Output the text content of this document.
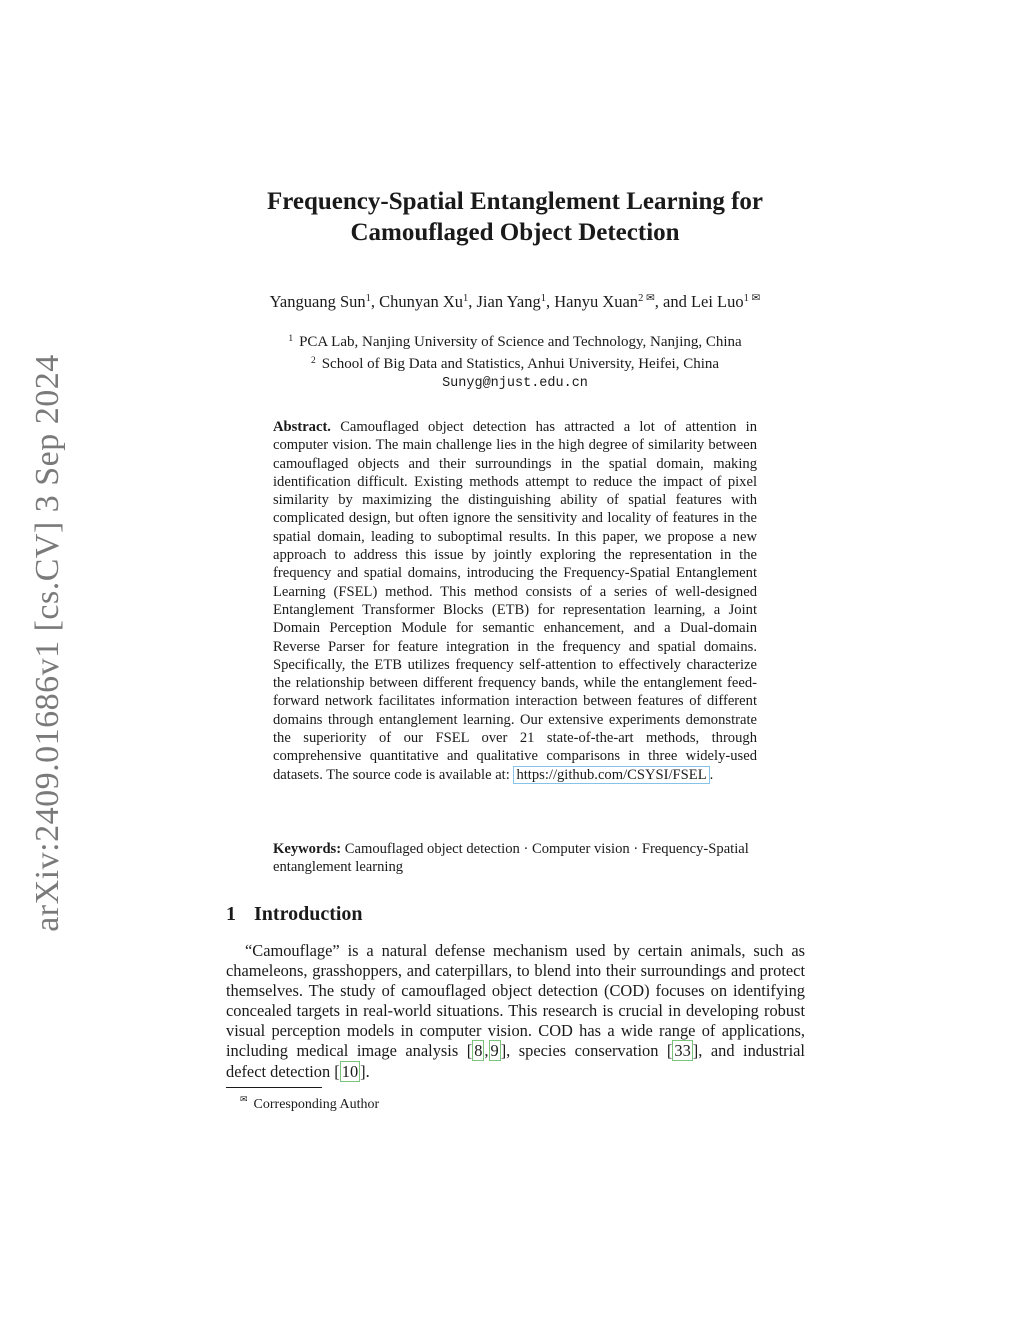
arXiv:2409.01686v1 [cs.CV] 3 Sep 2024
Frequency-Spatial Entanglement Learning for
Camouflaged Object Detection
Yanguang Sun$^1$, Chunyan Xu$^1$, Jian Yang$^1$, Hanyu Xuan$^{2 ✉}$, and Lei Luo$^{1 ✉}$
$^1$ PCA Lab, Nanjing University of Science and Technology, Nanjing, China
$^2$ School of Big Data and Statistics, Anhui University, Heifei, China
Sunyg@njust.edu.cn
Abstract. Camouflaged object detection has attracted a lot of attention in computer vision. The main challenge lies in the high degree of similarity between camouflaged objects and their surroundings in the spatial domain, making identification difficult. Existing methods attempt to reduce the impact of pixel similarity by maximizing the distinguishing ability of spatial features with complicated design, but often ignore the sensitivity and locality of features in the spatial domain, leading to suboptimal results. In this paper, we propose a new approach to address this issue by jointly exploring the representation in the frequency and spatial domains, introducing the Frequency-Spatial Entanglement Learning (FSEL) method. This method consists of a series of well-designed Entanglement Transformer Blocks (ETB) for representation learning, a Joint Domain Perception Module for semantic enhancement, and a Dual-domain Reverse Parser for feature integration in the frequency and spatial domains. Specifically, the ETB utilizes frequency self-attention to effectively characterize the relationship between different frequency bands, while the entanglement feed-forward network facilitates information interaction between features of different domains through entanglement learning. Our extensive experiments demonstrate the superiority of our FSEL over 21 state-of-the-art methods, through comprehensive quantitative and qualitative comparisons in three widely-used datasets. The source code is available at: https://github.com/CSYSI/FSEL .
Keywords: Camouflaged object detection · Computer vision · Frequency-Spatial entanglement learning
1 Introduction
“Camouflage” is a natural defense mechanism used by certain animals, such as chameleons, grasshoppers, and caterpillars, to blend into their surroundings and protect themselves. The study of camouflaged object detection (COD) focuses on identifying concealed targets in real-world situations. This research is crucial in developing robust visual perception models in computer vision. COD has a wide range of applications, including medical image analysis [ 8 , 9 ], species conservation [ 33 ], and industrial defect detection [ 10 ].
✉ Corresponding Author
